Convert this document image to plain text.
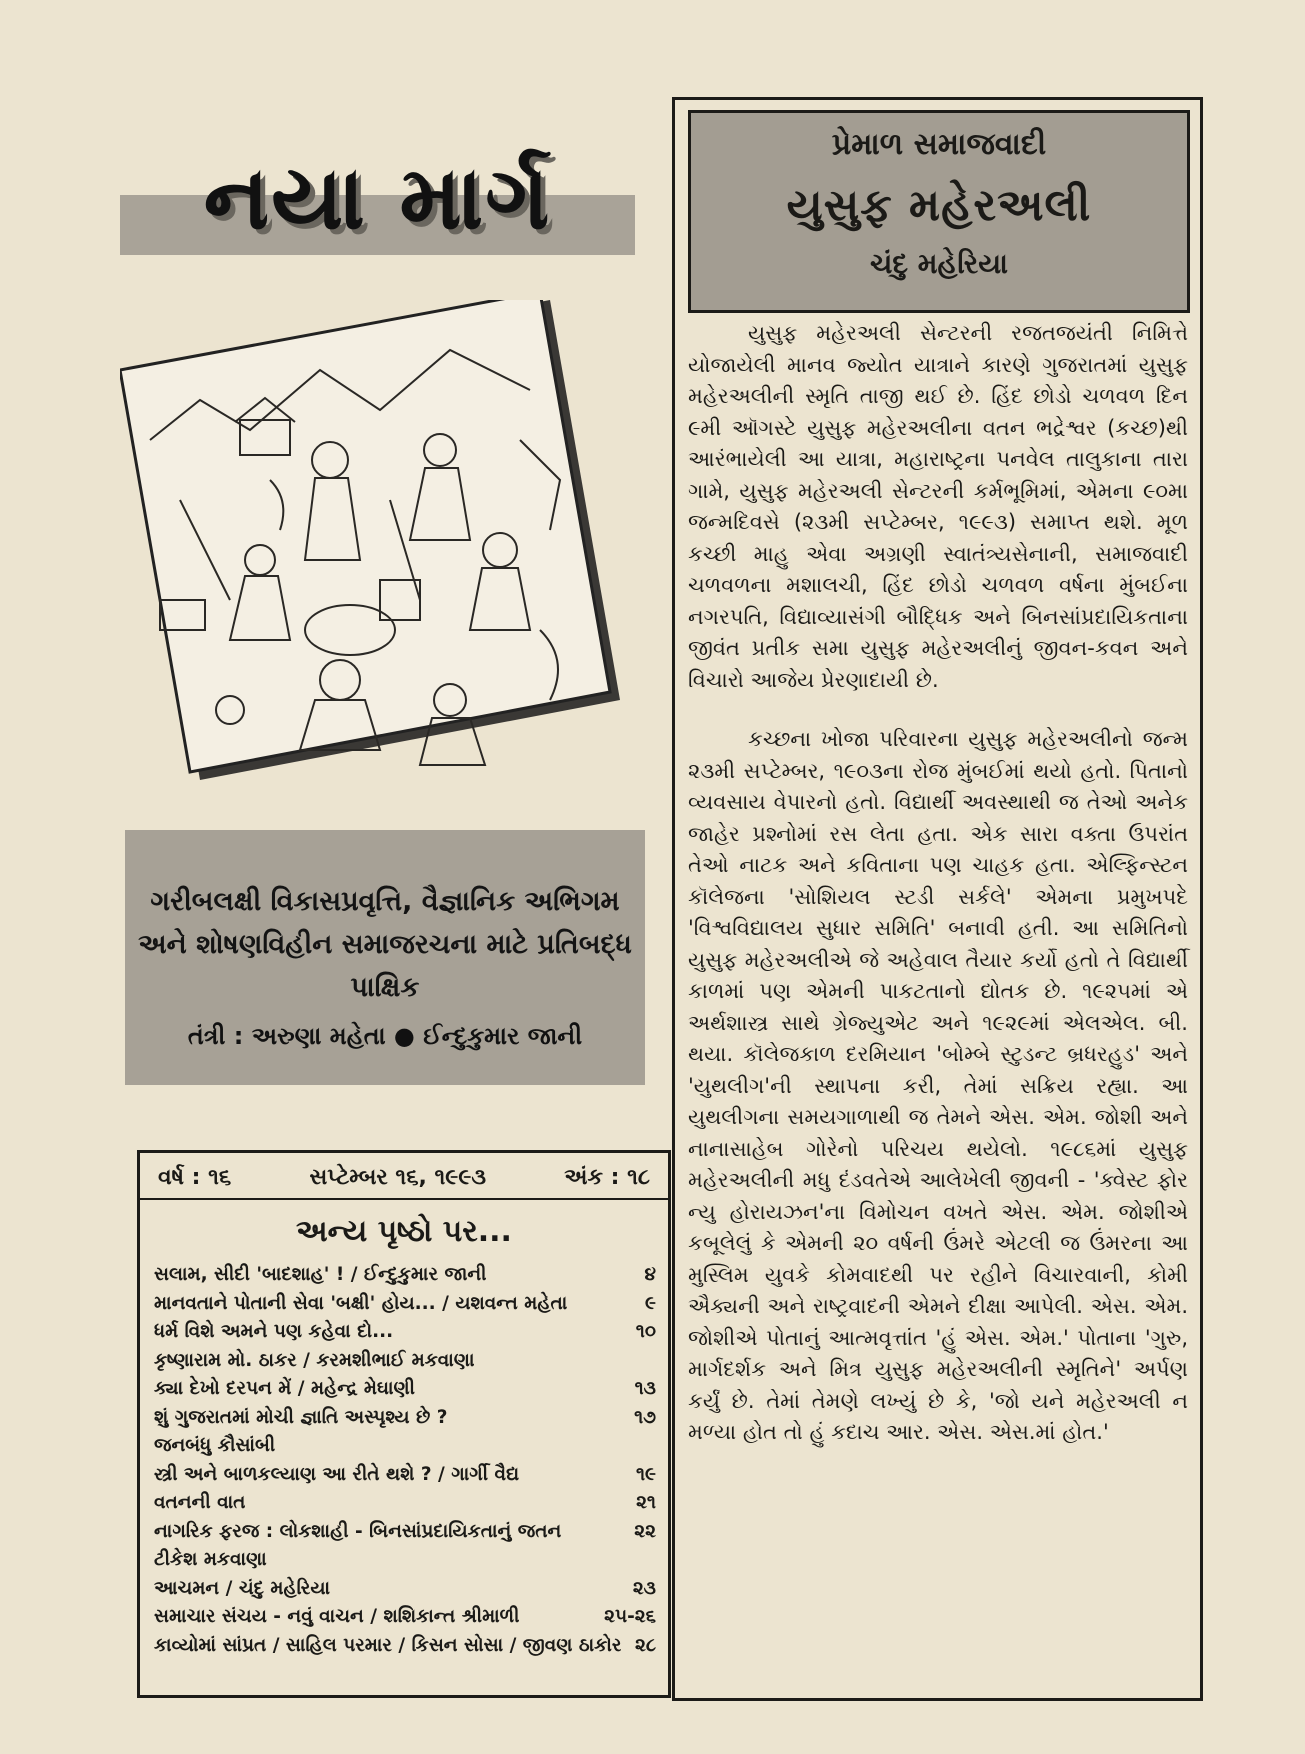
નયા માર્ગ
ગરીબલક્ષી વિકાસપ્રવૃત્તિ, વૈજ્ઞાનિક અભિગમ અને શોષણવિહીન સમાજરચના માટે પ્રતિબદ્ધ પાક્ષિક
તંત્રી : અરુણા મહેતા ● ઈન્દુકુમાર જાની
વર્ષ : ૧૬	સપ્ટેમ્બર ૧૬, ૧૯૯૩	અંક : ૧૮
અન્ય પૃષ્ઠો પર...
સલામ, સીદી 'બાદશાહ' ! / ઈન્દુકુમાર જાની	૪
માનવતાને પોતાની સેવા 'બક્ષી' હોય... / યશવન્ત મહેતા	૯
ધર્મ વિશે અમને પણ કહેવા દો...	૧૦
કૃષ્ણારામ મો. ઠાકર / કરમશીભાઈ મકવાણા
ક્યા દેખો દરપન મેં / મહેન્દ્ર મેઘાણી	૧૩
શું ગુજરાતમાં મોચી જ્ઞાતિ અસ્પૃશ્ય છે ?	૧૭
જનબંધુ કૌસાંબી
સ્ત્રી અને બાળકલ્યાણ આ રીતે થશે ? / ગાર્ગી વૈદ્ય	૧૯
વતનની વાત	૨૧
નાગરિક ફરજ : લોકશાહી - બિનસાંપ્રદાયિકતાનું જતન	૨૨
ટીકેશ મકવાણા
આચમન / ચંદુ મહેરિયા	૨૩
સમાચાર સંચય - નવું વાચન / શશિકાન્ત શ્રીમાળી	૨૫-૨૬
કાવ્યોમાં સાંપ્રત / સાહિલ પરમાર / કિસન સોસા / જીવણ ઠાકોર ૨૮
પ્રેમાળ સમાજવાદી
યુસુફ મહેરઅલી
ચંદુ મહેરિયા

યુસુફ મહેરઅલી સેન્ટરની રજતજયંતી નિમિત્તે યોજાયેલી માનવ જ્યોત યાત્રાને કારણે ગુજરાતમાં યુસુફ મહેરઅલીની સ્મૃતિ તાજી થઈ છે. હિંદ છોડો ચળવળ દિન ૯મી ઑગસ્ટે યુસુફ મહેરઅલીના વતન ભદ્રેશ્વર (કચ્છ)થી આરંભાયેલી આ યાત્રા, મહારાષ્ટ્રના પનવેલ તાલુકાના તારા ગામે, યુસુફ મહેરઅલી સેન્ટરની કર્મભૂમિમાં, એમના ૯૦મા જન્મદિવસે (૨૩મી સપ્ટેમ્બર, ૧૯૯૩) સમાપ્ત થશે. મૂળ કચ્છી માહુ એવા અગ્રણી સ્વાતંત્ર્યસેનાની, સમાજવાદી ચળવળના મશાલચી, હિંદ છોડો ચળવળ વર્ષના મુંબઈના નગરપતિ, વિદ્યાવ્યાસંગી બૌદ્ધિક અને બિનસાંપ્રદાયિકતાના જીવંત પ્રતીક સમા યુસુફ મહેરઅલીનું જીવન-કવન અને વિચારો આજેય પ્રેરણાદાયી છે.

કચ્છના ખોજા પરિવારના યુસુફ મહેરઅલીનો જન્મ ૨૩મી સપ્ટેમ્બર, ૧૯૦૩ના રોજ મુંબઈમાં થયો હતો. પિતાનો વ્યવસાય વેપારનો હતો. વિદ્યાર્થી અવસ્થાથી જ તેઓ અનેક જાહેર પ્રશ્નોમાં રસ લેતા હતા. એક સારા વક્તા ઉપરાંત તેઓ નાટક અને કવિતાના પણ ચાહક હતા. એલ્ફિન્સ્ટન કૉલેજના 'સોશિયલ સ્ટડી સર્કલે' એમના પ્રમુખપદે 'વિશ્વવિદ્યાલય સુધાર સમિતિ' બનાવી હતી. આ સમિતિનો યુસુફ મહેરઅલીએ જે અહેવાલ તૈયાર કર્યો હતો તે વિદ્યાર્થી કાળમાં પણ એમની પાકટતાનો દ્યોતક છે. ૧૯૨૫માં એ અર્થશાસ્ત્ર સાથે ગ્રેજ્યુએટ અને ૧૯૨૯માં એલએલ. બી. થયા. કૉલેજકાળ દરમિયાન 'બોમ્બે સ્ટુડન્ટ બ્રધરહુડ' અને 'યુથલીગ'ની સ્થાપના કરી, તેમાં સક્રિય રહ્યા. આ યુથલીગના સમયગાળાથી જ તેમને એસ. એમ. જોશી અને નાનાસાહેબ ગોરેનો પરિચય થયેલો. ૧૯૮૬માં યુસુફ મહેરઅલીની મધુ દંડવતેએ આલેખેલી જીવની - 'ક્વેસ્ટ ફોર ન્યુ હોરાયઝન'ના વિમોચન વખતે એસ. એમ. જોશીએ કબૂલેલું કે એમની ૨૦ વર્ષની ઉંમરે એટલી જ ઉંમરના આ મુસ્લિમ યુવકે કોમવાદથી પર રહીને વિચારવાની, કોમી ઐક્યની અને રાષ્ટ્રવાદની એમને દીક્ષા આપેલી. એસ. એમ. જોશીએ પોતાનું આત્મવૃત્તાંત 'હું એસ. એમ.' પોતાના 'ગુરુ, માર્ગદર્શક અને મિત્ર યુસુફ મહેરઅલીની સ્મૃતિને' અર્પણ કર્યું છે. તેમાં તેમણે લખ્યું છે કે, 'જો યને મહેરઅલી ન મળ્યા હોત તો હું કદાચ આર. એસ. એસ.માં હોત.'
